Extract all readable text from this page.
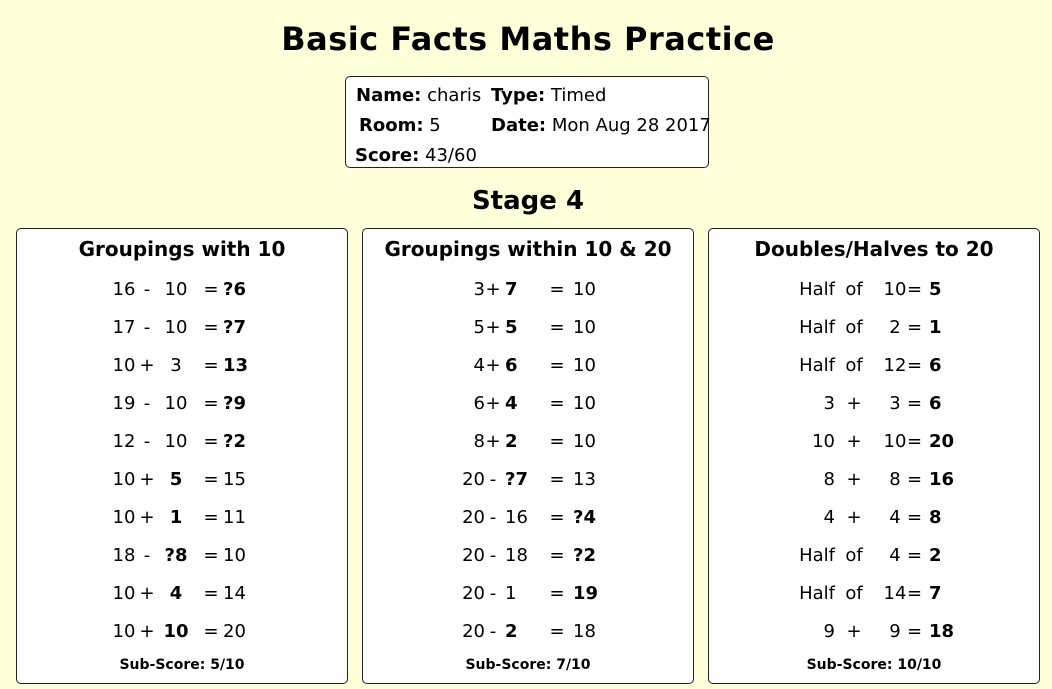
Basic Facts Maths Practice
Name: charis Type: Timed
Room: 5	Date: Mon Aug 28 2017
Score: 43/60
Stage 4
Groupings with 10
16 - 10 = ?6
17 - 10 = ?7
10 + 3	= 13
19 - 10 = ?9
12 - 10 = ?2
10 + 5	= 15
10 + 1	= 11
18 - ?8 = 10
10 + 4	= 14
10 + 10 = 20
Sub-Score: 5/10
Groupings within 10 & 20
3 + 7	= 10
5 + 5	= 10
4 + 6	= 10
6 + 4	= 10
8 + 2	= 10
20 - ?7	= 13
20 - 16	= ?4
20 - 18	= ?2
20 - 1	= 19
20 - 2	= 18
Sub-Score: 7/10
Doubles/Halves to 20
Half of	10 = 5
Half of	2 = 1
Half of	12 = 6
3 +	3 = 6
10 +	10 = 20
8 +	8 = 16
4 +	4 = 8
Half of	4 = 2
Half of	14 = 7
9 +	9 = 18
Sub-Score: 10/10
